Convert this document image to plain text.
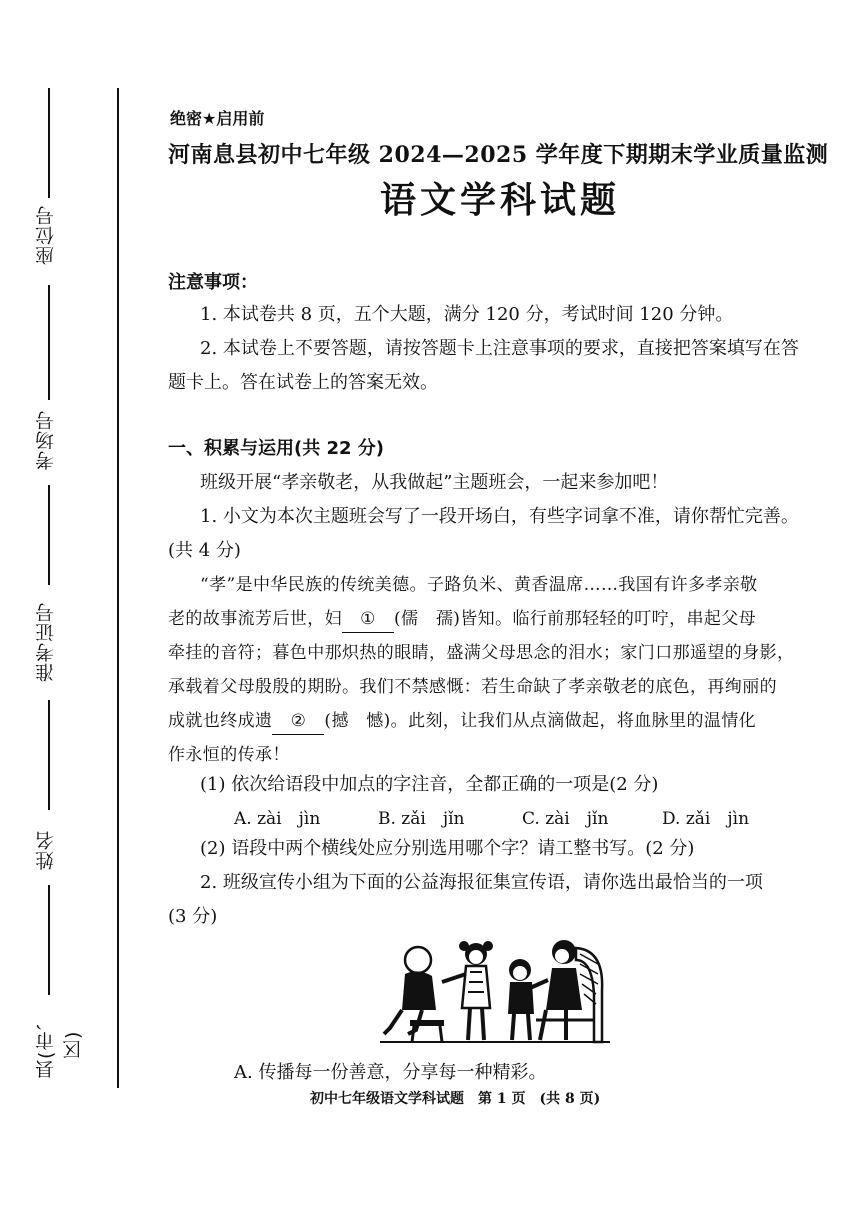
座位号
考场号
准考证号
姓名
县(市、区)
绝密★启用前
河南息县初中七年级 2024—2025 学年度下期期末学业质量监测
语文学科试题
注意事项：
1. 本试卷共 8 页，五个大题，满分 120 分，考试时间 120 分钟。
2. 本试卷上不要答题，请按答题卡上注意事项的要求，直接把答案填写在答
题卡上。答在试卷上的答案无效。
一、积累与运用(共 22 分)
班级开展“孝亲敬老，从我做起”主题班会，一起来参加吧！
1. 小文为本次主题班会写了一段开场白，有些字词拿不准，请你帮忙完善。
(共 4 分)
“孝”是中华民族的传统美德。子路负米、黄香温席……我国有许多孝亲敬
老的故事流芳后世，妇 ① (儒　孺)皆知。临行前那轻轻的叮咛，串起父母
牵挂的音符；暮色中那炽热的眼睛，盛满父母思念的泪水；家门口那遥望的身影，
承载着父母殷殷的期盼。我们不禁感慨：若生命缺了孝亲敬老的底色，再绚丽的
成就也终成遗 ② (撼　憾)。此刻，让我们从点滴做起，将血脉里的温情化
作永恒的传承！
(1) 依次给语段中加点的字注音，全都正确的一项是(2 分)
A. zài　jìn	B. zǎi　jǐn	C. zài　jǐn	D. zǎi　jìn
(2) 语段中两个横线处应分别选用哪个字？请工整书写。(2 分)
2. 班级宣传小组为下面的公益海报征集宣传语，请你选出最恰当的一项
(3 分)
A. 传播每一份善意，分享每一种精彩。
初中七年级语文学科试题　第 1 页　(共 8 页)
